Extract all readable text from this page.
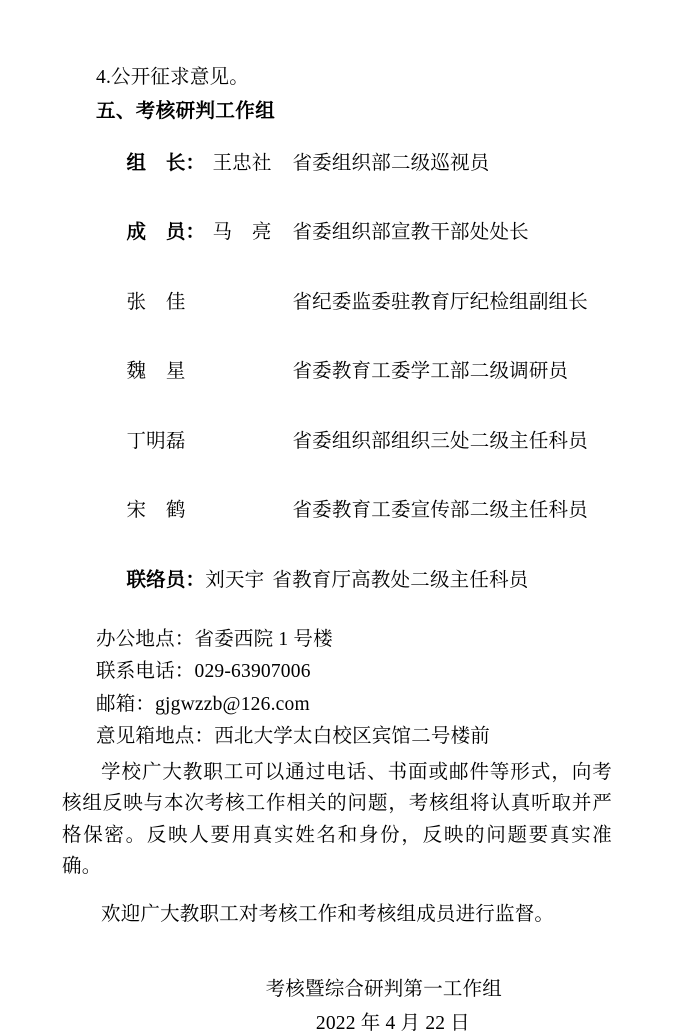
4.公开征求意见。
五、考核研判工作组

组　长： 王忠社 省委组织部二级巡视员

成　员： 马　亮 省委组织部宣教干部处处长

张　佳	省纪委监委驻教育厅纪检组副组长

魏　星	省委教育工委学工部二级调研员

丁明磊	省委组织部组织三处二级主任科员

宋　鹤	省委教育工委宣传部二级主任科员

联络员：刘天宇 省教育厅高教处二级主任科员

办公地点：省委西院 1 号楼
联系电话：029-63907006
邮箱：gjgwzzb@126.com
意见箱地点：西北大学太白校区宾馆二号楼前

学校广大教职工可以通过电话、书面或邮件等形式，向考核组反映与本次考核工作相关的问题，考核组将认真听取并严格保密。反映人要用真实姓名和身份，反映的问题要真实准确。

欢迎广大教职工对考核工作和考核组成员进行监督。

考核暨综合研判第一工作组
2022 年 4 月 22 日
